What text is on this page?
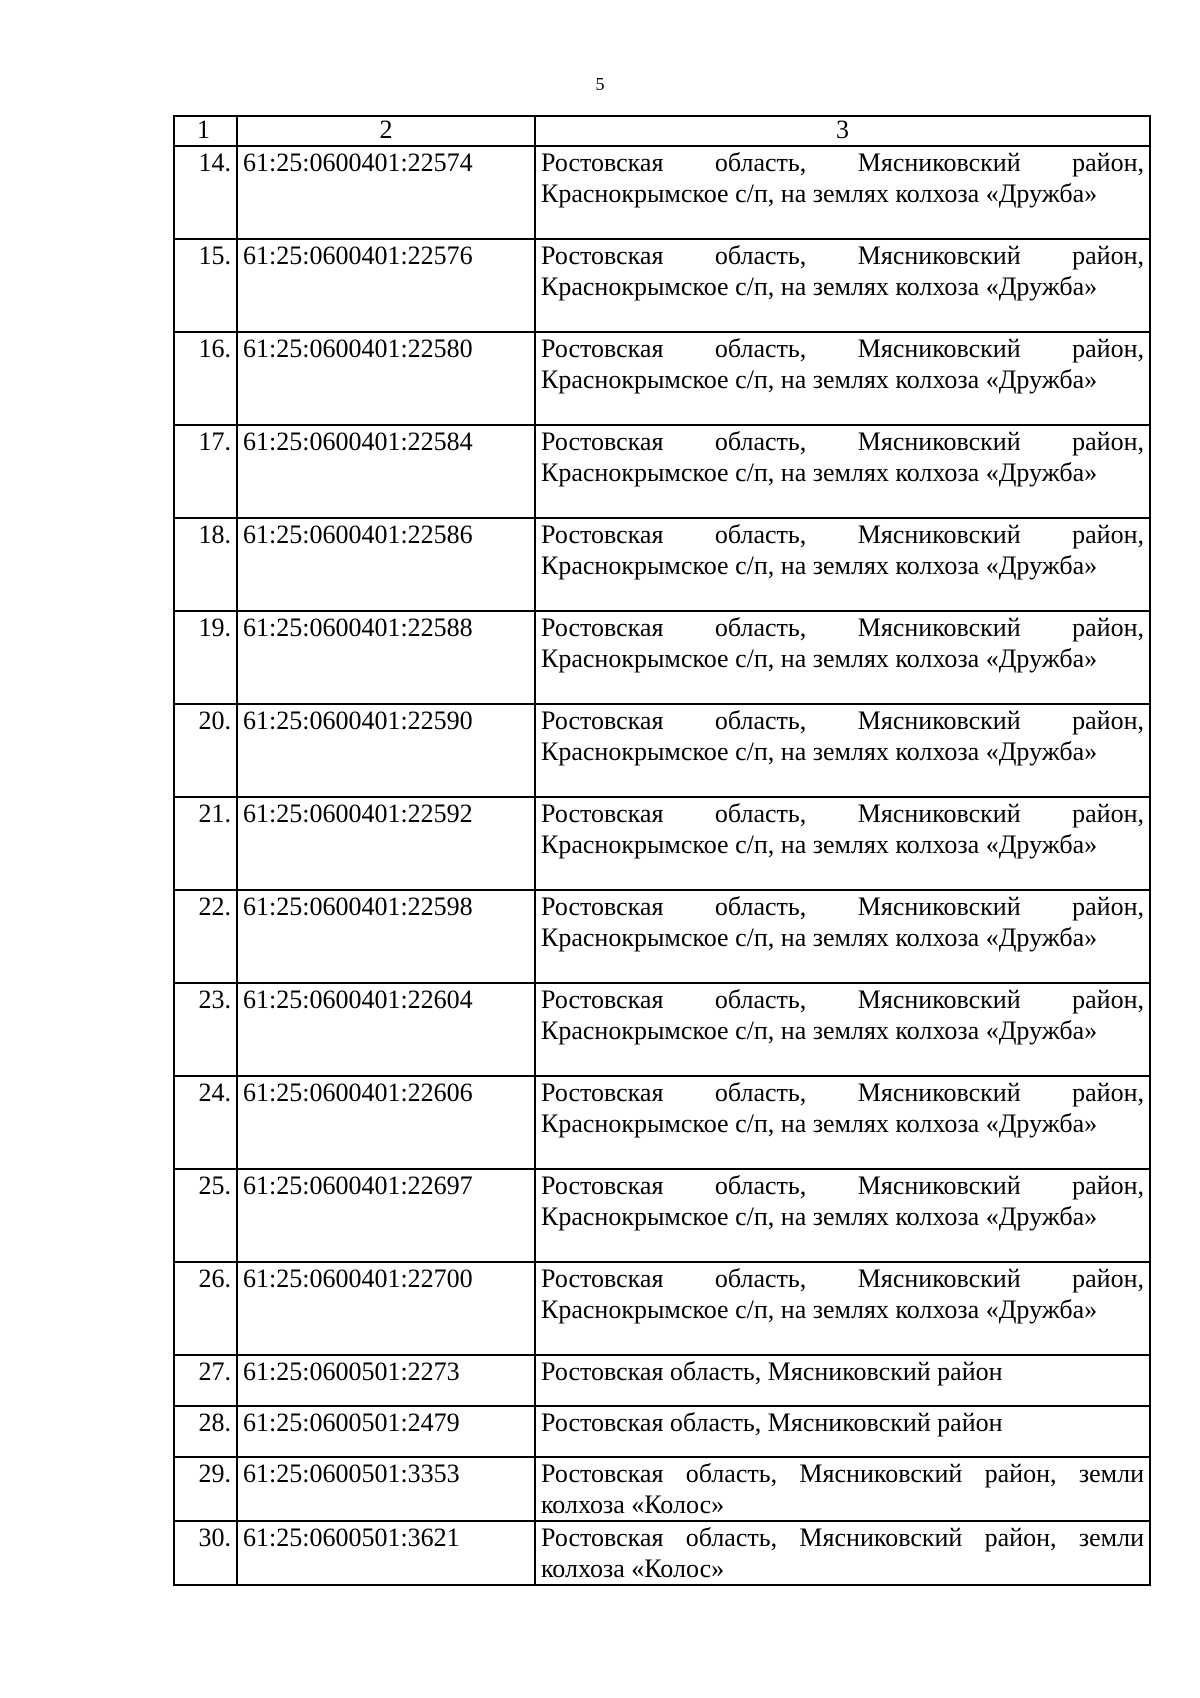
5
1	2	3
14.	61:25:0600401:22574	Ростовская область, Мясниковский район, Краснокрымское с/п, на землях колхоза «Дружба»
15.	61:25:0600401:22576	Ростовская область, Мясниковский район, Краснокрымское с/п, на землях колхоза «Дружба»
16.	61:25:0600401:22580	Ростовская область, Мясниковский район, Краснокрымское с/п, на землях колхоза «Дружба»
17.	61:25:0600401:22584	Ростовская область, Мясниковский район, Краснокрымское с/п, на землях колхоза «Дружба»
18.	61:25:0600401:22586	Ростовская область, Мясниковский район, Краснокрымское с/п, на землях колхоза «Дружба»
19.	61:25:0600401:22588	Ростовская область, Мясниковский район, Краснокрымское с/п, на землях колхоза «Дружба»
20.	61:25:0600401:22590	Ростовская область, Мясниковский район, Краснокрымское с/п, на землях колхоза «Дружба»
21.	61:25:0600401:22592	Ростовская область, Мясниковский район, Краснокрымское с/п, на землях колхоза «Дружба»
22.	61:25:0600401:22598	Ростовская область, Мясниковский район, Краснокрымское с/п, на землях колхоза «Дружба»
23.	61:25:0600401:22604	Ростовская область, Мясниковский район, Краснокрымское с/п, на землях колхоза «Дружба»
24.	61:25:0600401:22606	Ростовская область, Мясниковский район, Краснокрымское с/п, на землях колхоза «Дружба»
25.	61:25:0600401:22697	Ростовская область, Мясниковский район, Краснокрымское с/п, на землях колхоза «Дружба»
26.	61:25:0600401:22700	Ростовская область, Мясниковский район, Краснокрымское с/п, на землях колхоза «Дружба»
27.	61:25:0600501:2273	Ростовская область, Мясниковский район
28.	61:25:0600501:2479	Ростовская область, Мясниковский район
29.	61:25:0600501:3353	Ростовская область, Мясниковский район, земли колхоза «Колос»
30.	61:25:0600501:3621	Ростовская область, Мясниковский район, земли колхоза «Колос»
